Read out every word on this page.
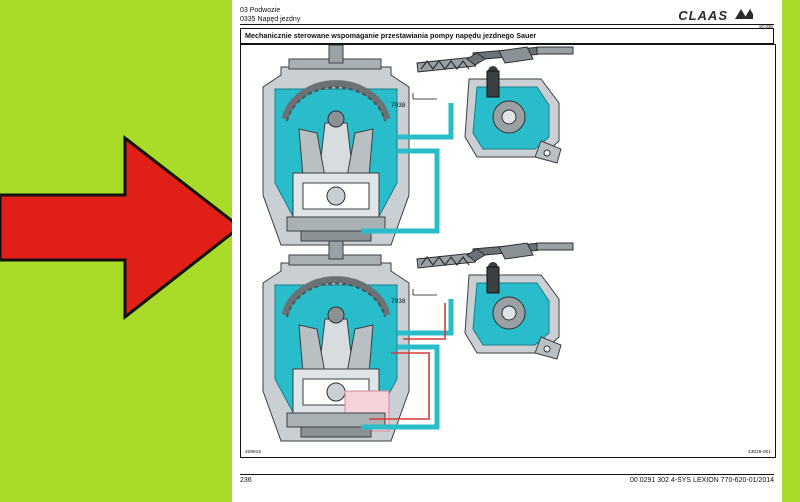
03 Podwozie
0335 Napęd jezdny	CLAAS
10-335
Mechanicznie sterowane wspomaganie przestawiania pompy napędu jezdnego Sauer
7038
7038
408816	43026-001
236	00 0291 302 4-SYS LEXION 770-620-01/2014
